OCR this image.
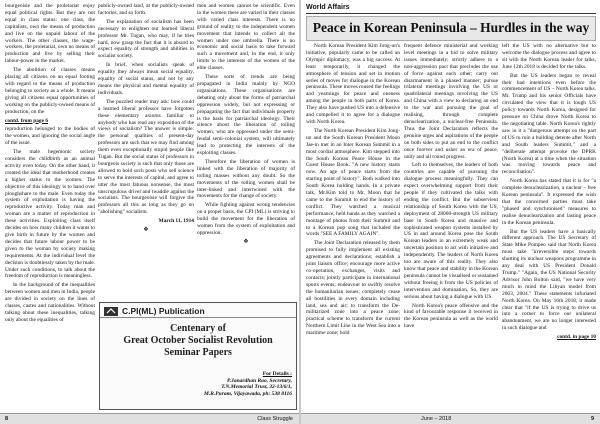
bourgeoisie and the proletariat enjoy equal political rights. But they are not equal in class status: one class, the capitalists, own the means of production and live on the unpaid labour of the workers. The other classes, the wage-workers, the proletariat, own no means of production and live by selling their labour-power in the market.

The abolition of classes means placing all citizens on an equal footing with regard to the means of production belonging to society as a whole. It means giving all citizens equal opportunities of working on the publicly-owned means of production, on the

contd. from page 6

reproduction belonged to the bodies of the women, and ignoring the social angle of the issue.

The male hegemonic society considers the childbirth as an animal activity even today. On the other hand, it created the ideal that motherhood creates a higher status to the women. The objective of this ideology is to hand over ploughshare to the male. Even today the system of exploitation is having the reproductive activity. Today man and woman are a matter of reproduction in these activities. Exploiting class itself decides on how many children it wants to give birth in future by the women and decides that future labour power to be given to the woman by society making requirements. At the individual level the decision is doubtlessly taken by the male. Under such conditions, to talk about the freedom of reproduction is meaningless.

In the background of the inequalities between women and men in India, people are divided in society on the lines of classes, castes and nationalities. Without talking about these inequalities, talking only about the equalities of

publicly-owned land, at the publicly-owned factories, and so forth.

The explanation of socialism has been necessary to enlighten our learned liberal professor Mr. Tugan, who may, if he tries hard, now grasp the fact that it is absurd to expect equality of strength and abilities in socialist society.

In brief, when socialists speak of equality they always mean social equality, equality of social status, and not by any means the physical and mental equality of individuals.

The puzzled reader may ask: how could a learned liberal professor have forgotten these elementary axioms familiar to anybody who has read any exposition of the views of socialism? The answer is simple: the personal qualities of present-day professors are such that we may find among them even exceptionally stupid people like Tugan. But the social status of professors in bourgeois society is such that only those are allowed to hold such posts who sell science to serve the interests of capital, and agree to utter the most fatuous nonsense, the most unscrupulous drivel and twaddle against the socialists. The bourgeoisie will forgive the professors all this as long as they go on "abolishing" socialism.

March 11, 1914

❖

men and women cannot be scientific. Even in the women there are varied in their classes with varied class interests. There is no ground of reality to the independent women movement that intends to collect all the women under one umbrella. There is no economic and social basis to take forward such a movement and, in the end, it only limits to the interests of the women of the elite classes.

These sorts of trends are being propagated in India mainly by NGO organisations. These organisations are debating only about the forms of patriarchal oppression widely, but not expressing or propagating the fact that individuals property is the basis for patriarchal ideology. Their silence about the liberation of toiling women, who are oppressed under the semi-feudal semi-colonial system, will ultimately lead to protecting the interests of the exploiting classes.

Therefore the liberation of women is linked with the liberation of majority of toiling masses without any doubt. So the movements of the toiling women shall be inter-linked and intertwined with the movements for the change of society.

While fighting against wrong tendencies on a proper basis, the CPI (ML) is striving to build the movement for the liberation of women from the system of exploitation and oppression.

❖
C.PI(ML) Publication
Centenary of
Great October Socialist Revolution
Seminar Papers
For Details :
P.Janardhan Rao, Secretary,
T.N.Memorial Trust, 32-13/6/1,
M.R.Puram, Vijayawada, ph: 538 8116
8	Class Struggle
World Affairs
Peace in Korean Peninsula – Hurdles in the way

North Korean President Kim Jong-un's initiative, popularly came to be called an Olympic diplomacy, was a big success. At least temporarily, it changed the atmosphere of tension and set in motion series of moves for dialogue in the Korean peninsula. These moves roused the feelings and yearnings for peace and oneness among the people in both parts of Korea. They also have pushed US into a defensive and compelled it to agree for a dialogue with North Korea.

The North Korean President Kim Jong-un and the South Korean President Moon Jae-in met in an Inter Korean Summit in a most cordial atmosphere. Kim stepped into the South Korean Peace House in the Guest House Book. "A new history starts now. An age of peace starts from the starting point of history". Both walked into South Korea holding hands. In a private talk, Mr.Kim told to Mr. Moon that he came to the Summit to end the history of conflict. They watched a musical performance, held hands as they watched a montage of photos from their Summit and to a Korean pop song that included the words "SEE A FAMILY AGAIN".

The Joint Declaration released by them promised to fully implement all existing agreements and declarations; establish a joint liaison office; encourage more active co-operation, exchanges, visits and contacts; jointly participate in international sports events; endeavour to swiftly resolve the humanitarian issues; completely cease all hostilities in every domain including land, sea and air; to transform the De-militarized zone into a peace zone; practical scheme to transform the current Northern Limit Line in the West Sea into a maritime zone; hold

frequent defence ministerial and working level meetings in a bid to solve military issues immediately; strictly adhere to a non-aggression pact that precludes the use of force against each other; carry out disarmament in a phased manner; pursue trilateral meetings involving the US or quadrilateral meetings involving the US and China with a view to declaring an end to the war and pursuing the goal of realising, through complete denuclearization, a nuclear-free Peninsula. Thus the Joint Declaration reflects the genuine urges and aspirations of the people on both sides to put an end to the conflict once forever and usher an era of peace, unity and all round progress.

Left to themselves, the leaders of both countries are capable of pursuing the dialogue process meaningfully. They can expect overwhelming support from their people if they cultivated the talks with ending the conflict. But the subservient relationship of South Korea with the US, deployment of 28000-strength US military base in South Korea and massive and sophisticated weapon systems installed by US in and around Korea pose the South Korean leaders in an extremely weak and uncertain position to act with initiative and independently. The leaders of North Korea too are aware of this reality. They also know that peace and stability in the Korean peninsula cannot be visualised or sustained without freeing it from the US policies of intervention and domination. So, they are serious about having a dialogue with US.

North Korea's peace offensive and the kind of favourable response it received in the Korean peninsula as well as the world have

left the US with no alternative but to welcome the dialogue process and agree to sit with the North Korean leader for talks, June 12th 2018 is decided for the talks.

But the US leaders began to reveal their bad intentions even before the commencement of US – North Korea talks. Mr. Trump and his senior Officials have circulated the view that it is tough US policy towards North Korea, designed for pressure on China drove North Korea to the negotiating table. North Korea's rightly saw in it a "dangerous attempt on the part of US to ruin a building detente after North and South leaders Summit," and a "deliberate attempt provoke the DPRK (North Korea) at a time when the situation was moving towards peace and reconciliation".

North Korea has stated that it is for "a complete denuclearization, a nuclear – free Korean peninsula". It expressed the wish that the concerned parties must take "phased and synchronised" measures to realise denuclearization and lasting peace in the Korean peninsula.

But the US leaders have a basically different approach. The US Secretary of State Mike Pompeo said that North Korea must take "irreversible steps towards shutting its nuclear weapons programme in any deal with US President Donald Trump." "Again, the US National Security Advisor John Bolton said, "we have very much in mind the Libyan model from 2003, 2004." These statements infuriated North Korea. On May 16th 2018, it made clear that "if the US is trying to drive us into a corner to force our unilateral abandonment, we are no longer interested in such dialogue and

contd. in page 10

June – 2018	9
